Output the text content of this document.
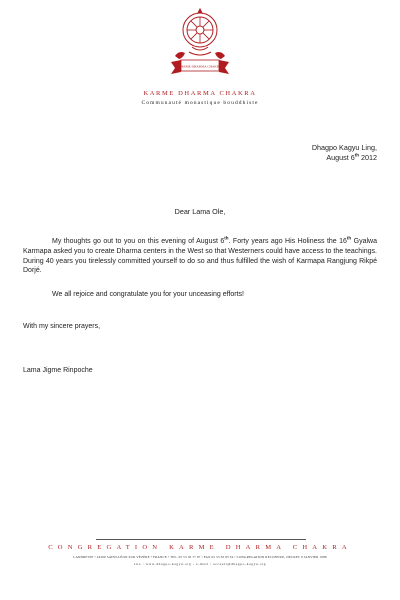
KARME DHARMA CHAKRA
KARME DHARMA CHAKRA
Communauté monastique bouddhiste
Dhagpo Kagyu Ling,
August 6th 2012
Dear Lama Ole,
My thoughts go out to you on this evening of August 6th. Forty years ago His Holiness the 16th Gyalwa Karmapa asked you to create Dharma centers in the West so that Westerners could have access to the teachings. During 40 years you tirelessly committed yourself to do so and thus fulfilled the wish of Karmapa Rangjung Rikpé Dorjé.
We all rejoice and congratulate you for your unceasing efforts!
With my sincere prayers,
Lama Jigme Rinpoche
CONGREGATION KARME DHARMA CHAKRA
LANDREVIE • 24290 SAINT-LÉON SUR VÉZÈRE • FRANCE • TEL. 05 53 50 77 97 • FAX 05 53 50 83 34 • CONGREGATION RECONNUE, DECRET 9 JANVIER 1988
site : www.dhagpo-kagyu.org - e-mail : accueil@dhagpo-kagyu.org
